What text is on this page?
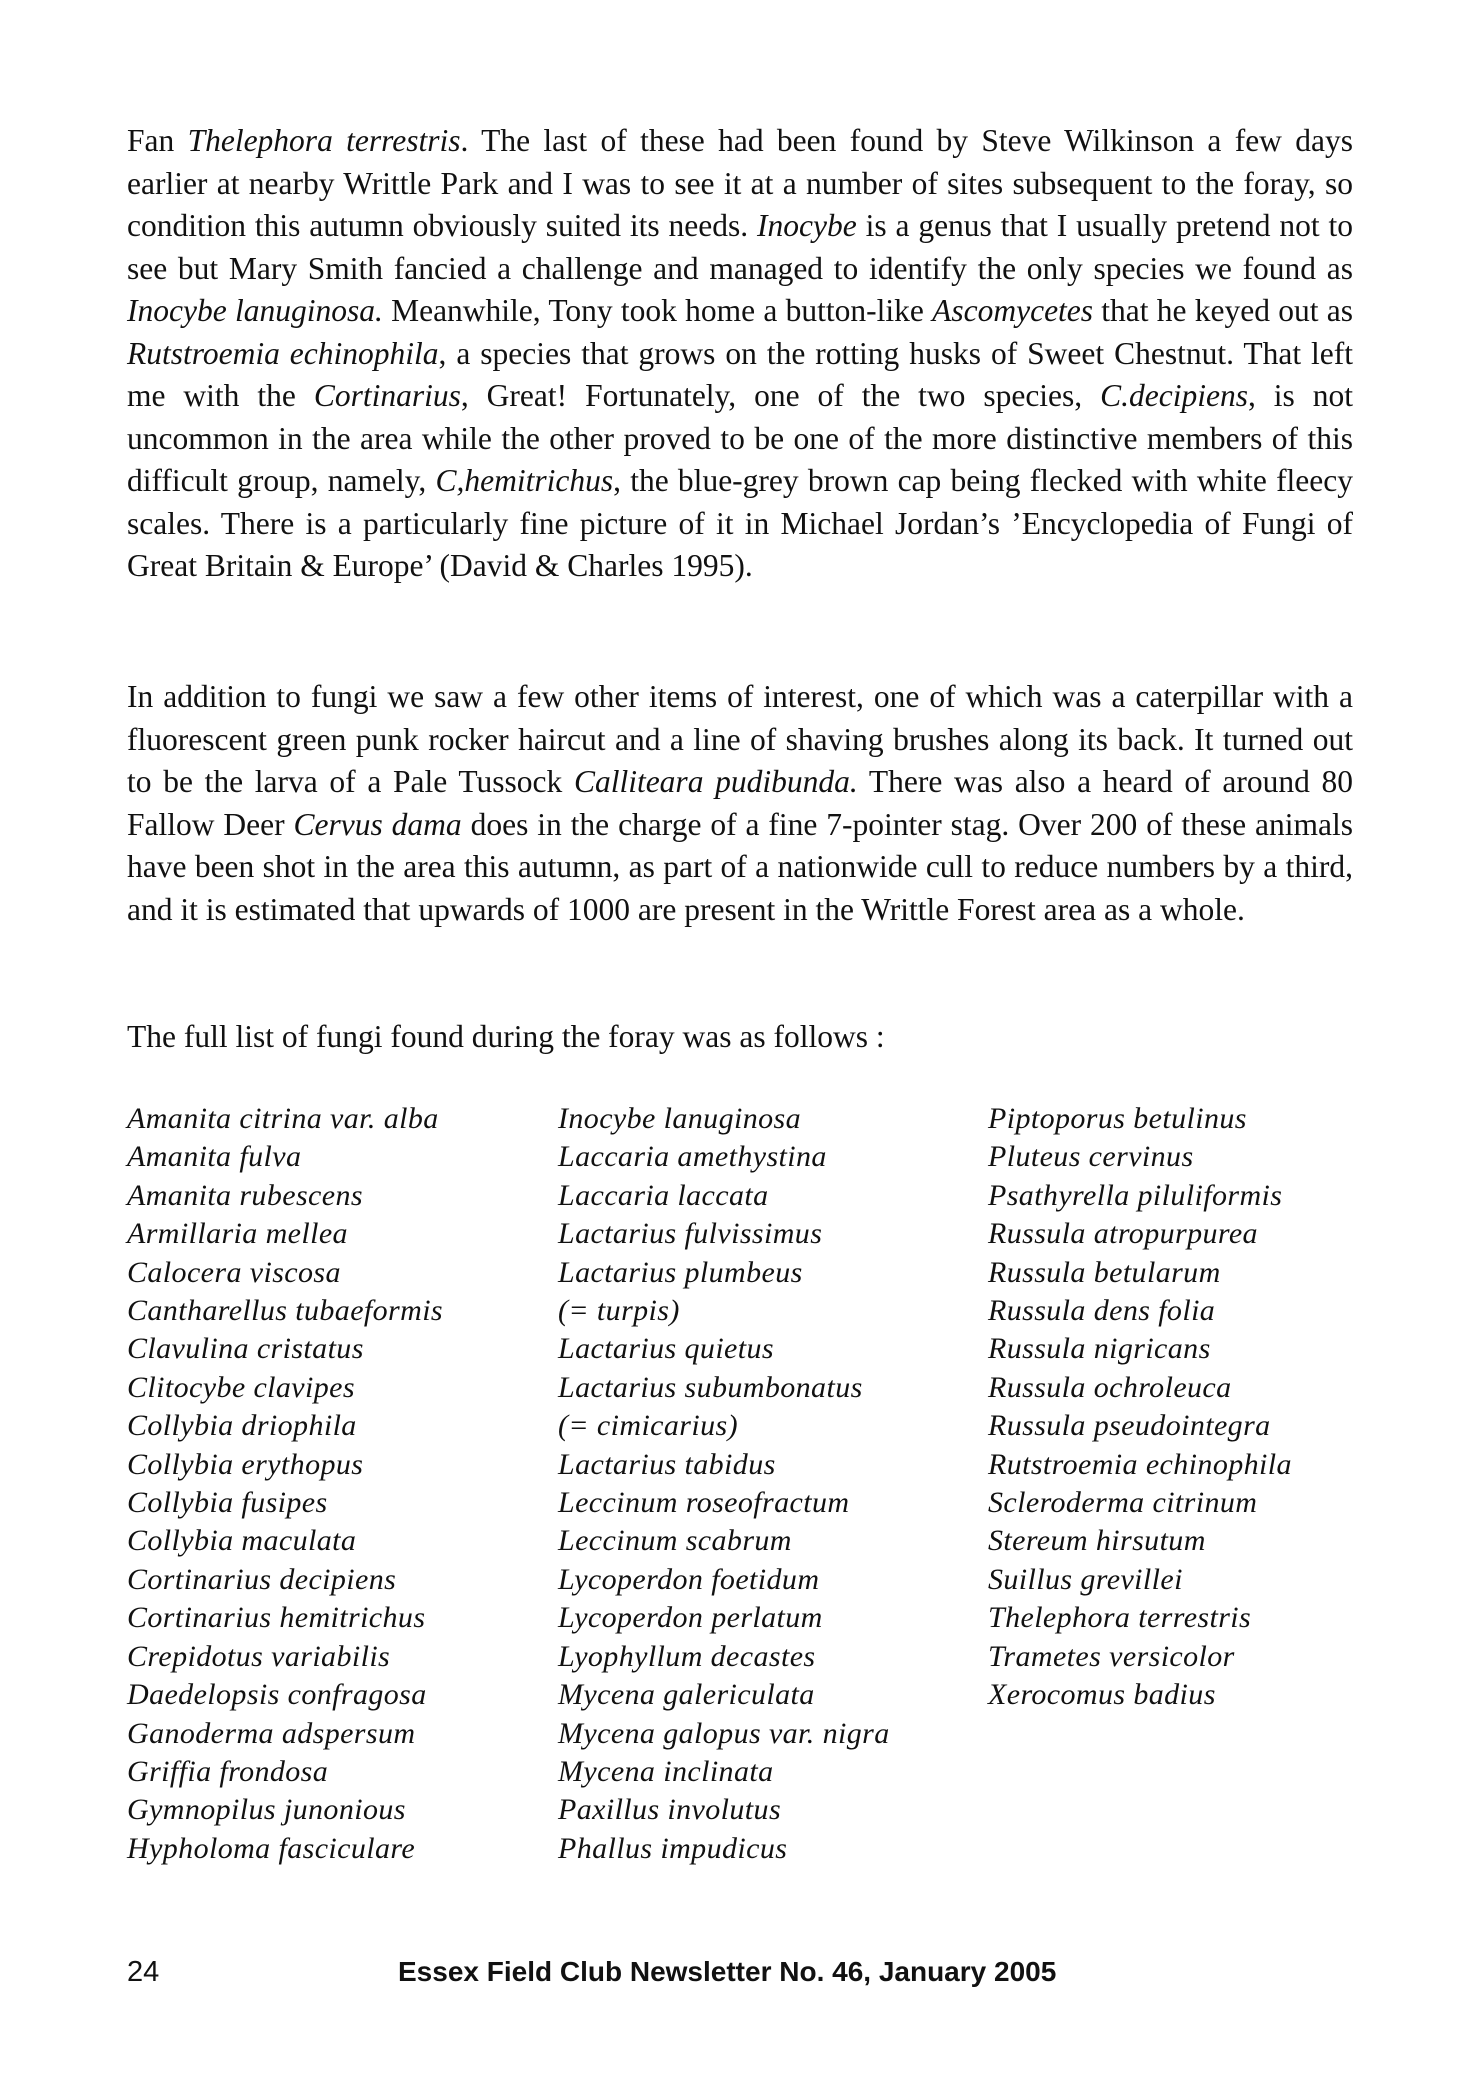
Fan Thelephora terrestris. The last of these had been found by Steve Wilkinson a few days earlier at nearby Writtle Park and I was to see it at a number of sites subsequent to the foray, so condition this autumn obviously suited its needs. Inocybe is a genus that I usually pretend not to see but Mary Smith fancied a challenge and managed to identify the only species we found as Inocybe lanuginosa. Meanwhile, Tony took home a button-like Ascomycetes that he keyed out as Rutstroemia echinophila, a species that grows on the rotting husks of Sweet Chestnut. That left me with the Cortinarius, Great! Fortunately, one of the two species, C.decipiens, is not uncommon in the area while the other proved to be one of the more distinctive members of this difficult group, namely, C,hemitrichus, the blue-grey brown cap being flecked with white fleecy scales. There is a particularly fine picture of it in Michael Jordan’s ’Encyclopedia of Fungi of Great Britain & Europe’ (David & Charles 1995).

In addition to fungi we saw a few other items of interest, one of which was a caterpillar with a fluorescent green punk rocker haircut and a line of shaving brushes along its back. It turned out to be the larva of a Pale Tussock Calliteara pudibunda. There was also a heard of around 80 Fallow Deer Cervus dama does in the charge of a fine 7-pointer stag. Over 200 of these animals have been shot in the area this autumn, as part of a nationwide cull to reduce numbers by a third, and it is estimated that upwards of 1000 are present in the Writtle Forest area as a whole.

The full list of fungi found during the foray was as follows :

Amanita citrina var. alba
Amanita fulva
Amanita rubescens
Armillaria mellea
Calocera viscosa
Cantharellus tubaeformis
Clavulina cristatus
Clitocybe clavipes
Collybia driophila
Collybia erythopus
Collybia fusipes
Collybia maculata
Cortinarius decipiens
Cortinarius hemitrichus
Crepidotus variabilis
Daedelopsis confragosa
Ganoderma adspersum
Griffia frondosa
Gymnopilus junonious
Hypholoma fasciculare
Inocybe lanuginosa
Laccaria amethystina
Laccaria laccata
Lactarius fulvissimus
Lactarius plumbeus
(= turpis)
Lactarius quietus
Lactarius subumbonatus
(= cimicarius)
Lactarius tabidus
Leccinum roseofractum
Leccinum scabrum
Lycoperdon foetidum
Lycoperdon perlatum
Lyophyllum decastes
Mycena galericulata
Mycena galopus var. nigra
Mycena inclinata
Paxillus involutus
Phallus impudicus
Piptoporus betulinus
Pluteus cervinus
Psathyrella piluliformis
Russula atropurpurea
Russula betularum
Russula dens folia
Russula nigricans
Russula ochroleuca
Russula pseudointegra
Rutstroemia echinophila
Scleroderma citrinum
Stereum hirsutum
Suillus grevillei
Thelephora terrestris
Trametes versicolor
Xerocomus badius
24	Essex Field Club Newsletter No. 46, January 2005
